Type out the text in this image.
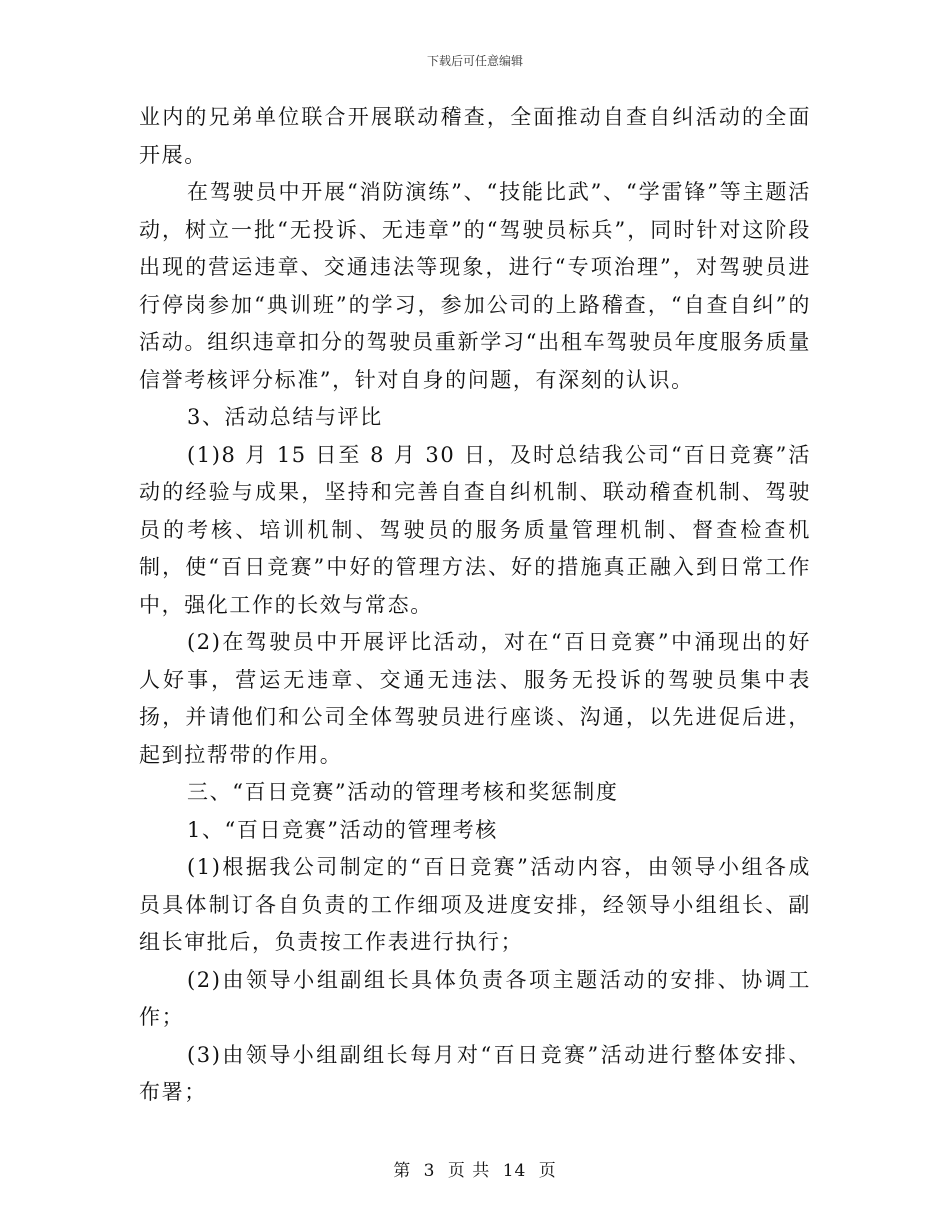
下载后可任意编辑

业内的兄弟单位联合开展联动稽查，全面推动自查自纠活动的全面开展。

在驾驶员中开展“消防演练”、“技能比武”、“学雷锋”等主题活动，树立一批“无投诉、无违章”的“驾驶员标兵”，同时针对这阶段出现的营运违章、交通违法等现象，进行“专项治理”，对驾驶员进行停岗参加“典训班”的学习，参加公司的上路稽查，“自查自纠”的活动。组织违章扣分的驾驶员重新学习“出租车驾驶员年度服务质量信誉考核评分标准”，针对自身的问题，有深刻的认识。

3、活动总结与评比

(1)8 月 15 日至 8 月 30 日，及时总结我公司“百日竞赛”活动的经验与成果，坚持和完善自查自纠机制、联动稽查机制、驾驶员的考核、培训机制、驾驶员的服务质量管理机制、督查检查机制，使“百日竞赛”中好的管理方法、好的措施真正融入到日常工作中，强化工作的长效与常态。

(2)在驾驶员中开展评比活动，对在“百日竞赛”中涌现出的好人好事，营运无违章、交通无违法、服务无投诉的驾驶员集中表扬，并请他们和公司全体驾驶员进行座谈、沟通，以先进促后进，起到拉帮带的作用。

三、“百日竞赛”活动的管理考核和奖惩制度

1、“百日竞赛”活动的管理考核

(1)根据我公司制定的“百日竞赛”活动内容，由领导小组各成员具体制订各自负责的工作细项及进度安排，经领导小组组长、副组长审批后，负责按工作表进行执行；

(2)由领导小组副组长具体负责各项主题活动的安排、协调工作；

(3)由领导小组副组长每月对“百日竞赛”活动进行整体安排、布署；

第 3 页 共 14 页
